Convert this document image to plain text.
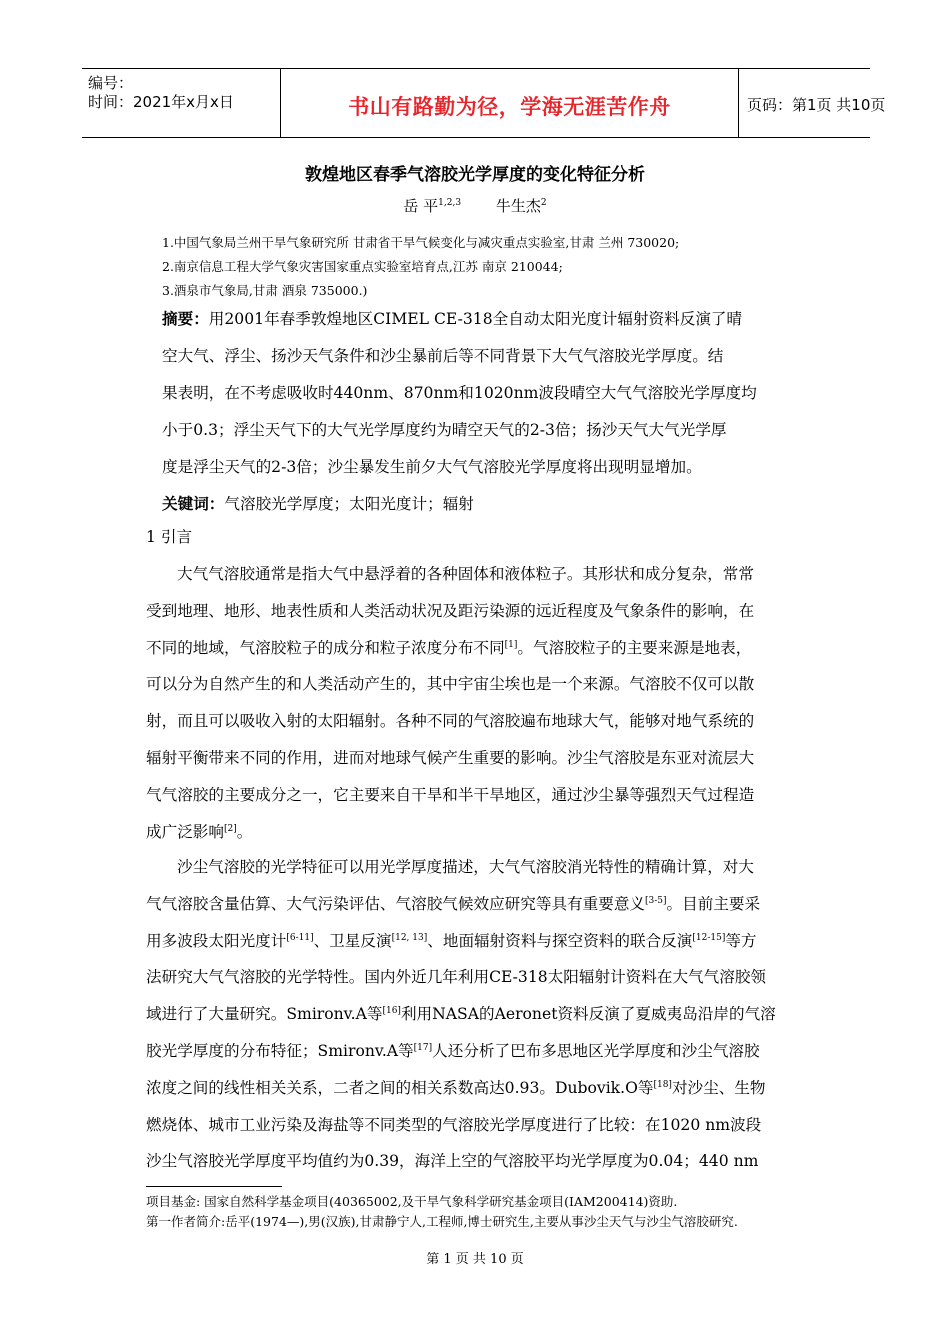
编号：
时间：2021年x月x日	书山有路勤为径，学海无涯苦作舟	页码：第1页 共10页
敦煌地区春季气溶胶光学厚度的变化特征分析
岳 平$^{1,2,3}$ 牛生杰$^2$
1.中国气象局兰州干旱气象研究所 甘肃省干旱气候变化与减灾重点实验室,甘肃 兰州 730020;
2.南京信息工程大学气象灾害国家重点实验室培育点,江苏 南京 210044;
3.酒泉市气象局,甘肃 酒泉 735000.)
摘要：用2001年春季敦煌地区CIMEL CE-318全自动太阳光度计辐射资料反演了晴
空大气、浮尘、扬沙天气条件和沙尘暴前后等不同背景下大气气溶胶光学厚度。结
果表明，在不考虑吸收时440nm、870nm和1020nm波段晴空大气气溶胶光学厚度均
小于0.3；浮尘天气下的大气光学厚度约为晴空天气的2-3倍；扬沙天气大气光学厚
度是浮尘天气的2-3倍；沙尘暴发生前夕大气气溶胶光学厚度将出现明显增加。
关键词：气溶胶光学厚度；太阳光度计；辐射
1 引言
大气气溶胶通常是指大气中悬浮着的各种固体和液体粒子。其形状和成分复杂，常常
受到地理、地形、地表性质和人类活动状况及距污染源的远近程度及气象条件的影响，在
不同的地域，气溶胶粒子的成分和粒子浓度分布不同[1]。气溶胶粒子的主要来源是地表，
可以分为自然产生的和人类活动产生的，其中宇宙尘埃也是一个来源。气溶胶不仅可以散
射，而且可以吸收入射的太阳辐射。各种不同的气溶胶遍布地球大气，能够对地气系统的
辐射平衡带来不同的作用，进而对地球气候产生重要的影响。沙尘气溶胶是东亚对流层大
气气溶胶的主要成分之一，它主要来自干旱和半干旱地区，通过沙尘暴等强烈天气过程造
成广泛影响[2]。
沙尘气溶胶的光学特征可以用光学厚度描述，大气气溶胶消光特性的精确计算，对大
气气溶胶含量估算、大气污染评估、气溶胶气候效应研究等具有重要意义[3-5]。目前主要采
用多波段太阳光度计[6-11]、卫星反演[12, 13]、地面辐射资料与探空资料的联合反演[12-15]等方
法研究大气气溶胶的光学特性。国内外近几年利用CE-318太阳辐射计资料在大气气溶胶领
域进行了大量研究。Smironv.A等[16]利用NASA的Aeronet资料反演了夏威夷岛沿岸的气溶
胶光学厚度的分布特征；Smironv.A等[17]人还分析了巴布多思地区光学厚度和沙尘气溶胶
浓度之间的线性相关关系，二者之间的相关系数高达0.93。Dubovik.O等[18]对沙尘、生物
燃烧体、城市工业污染及海盐等不同类型的气溶胶光学厚度进行了比较：在1020 nm波段
沙尘气溶胶光学厚度平均值约为0.39，海洋上空的气溶胶平均光学厚度为0.04；440 nm
项目基金: 国家自然科学基金项目(40365002,及干旱气象科学研究基金项目(IAM200414)资助.
第一作者简介:岳平(1974—),男(汉族),甘肃静宁人,工程师,博士研究生,主要从事沙尘天气与沙尘气溶胶研究.
第 1 页 共 10 页
